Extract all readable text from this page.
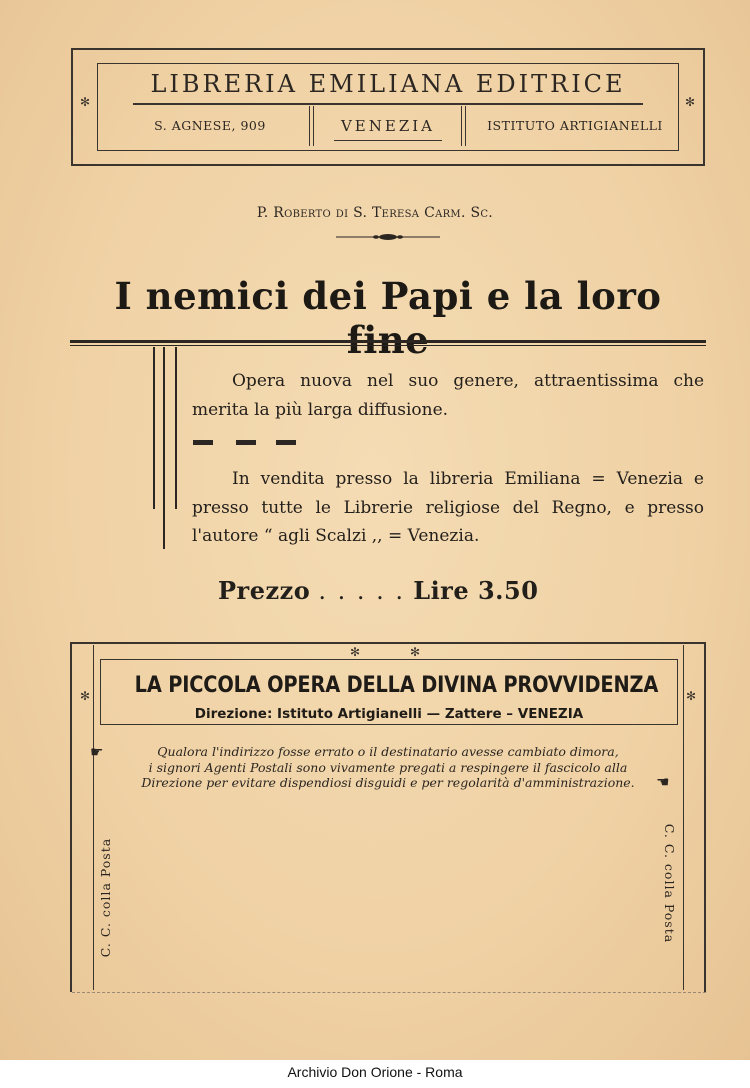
✻	✻
LIBRERIA EMILIANA EDITRICE
S. AGNESE, 909	VENEZIA	ISTITUTO ARTIGIANELLI
P. Roberto di S. Teresa Carm. Sc.
I nemici dei Papi e la loro fine
Opera nuova nel suo genere, attraentissima che merita la più larga diffusione.
In vendita presso la libreria Emiliana = Venezia e presso tutte le Librerie religiose del Regno, e presso l'autore “ agli Scalzi ,, = Venezia.
Prezzo . . . . . Lire 3.50
✻	✻
✻	✻
LA PICCOLA OPERA DELLA DIVINA PROVVIDENZA
Direzione: Istituto Artigianelli — Zattere – VENEZIA
☛	Qualora l'indirizzo fosse errato o il destinatario avesse cambiato dimora,
i signori Agenti Postali sono vivamente pregati a respingere il fascicolo alla
Direzione per evitare dispendiosi disguidi e per regolarità d'amministrazione.	☛
C. C. colla Posta	C. C. colla Posta
Archivio Don Orione - Roma
